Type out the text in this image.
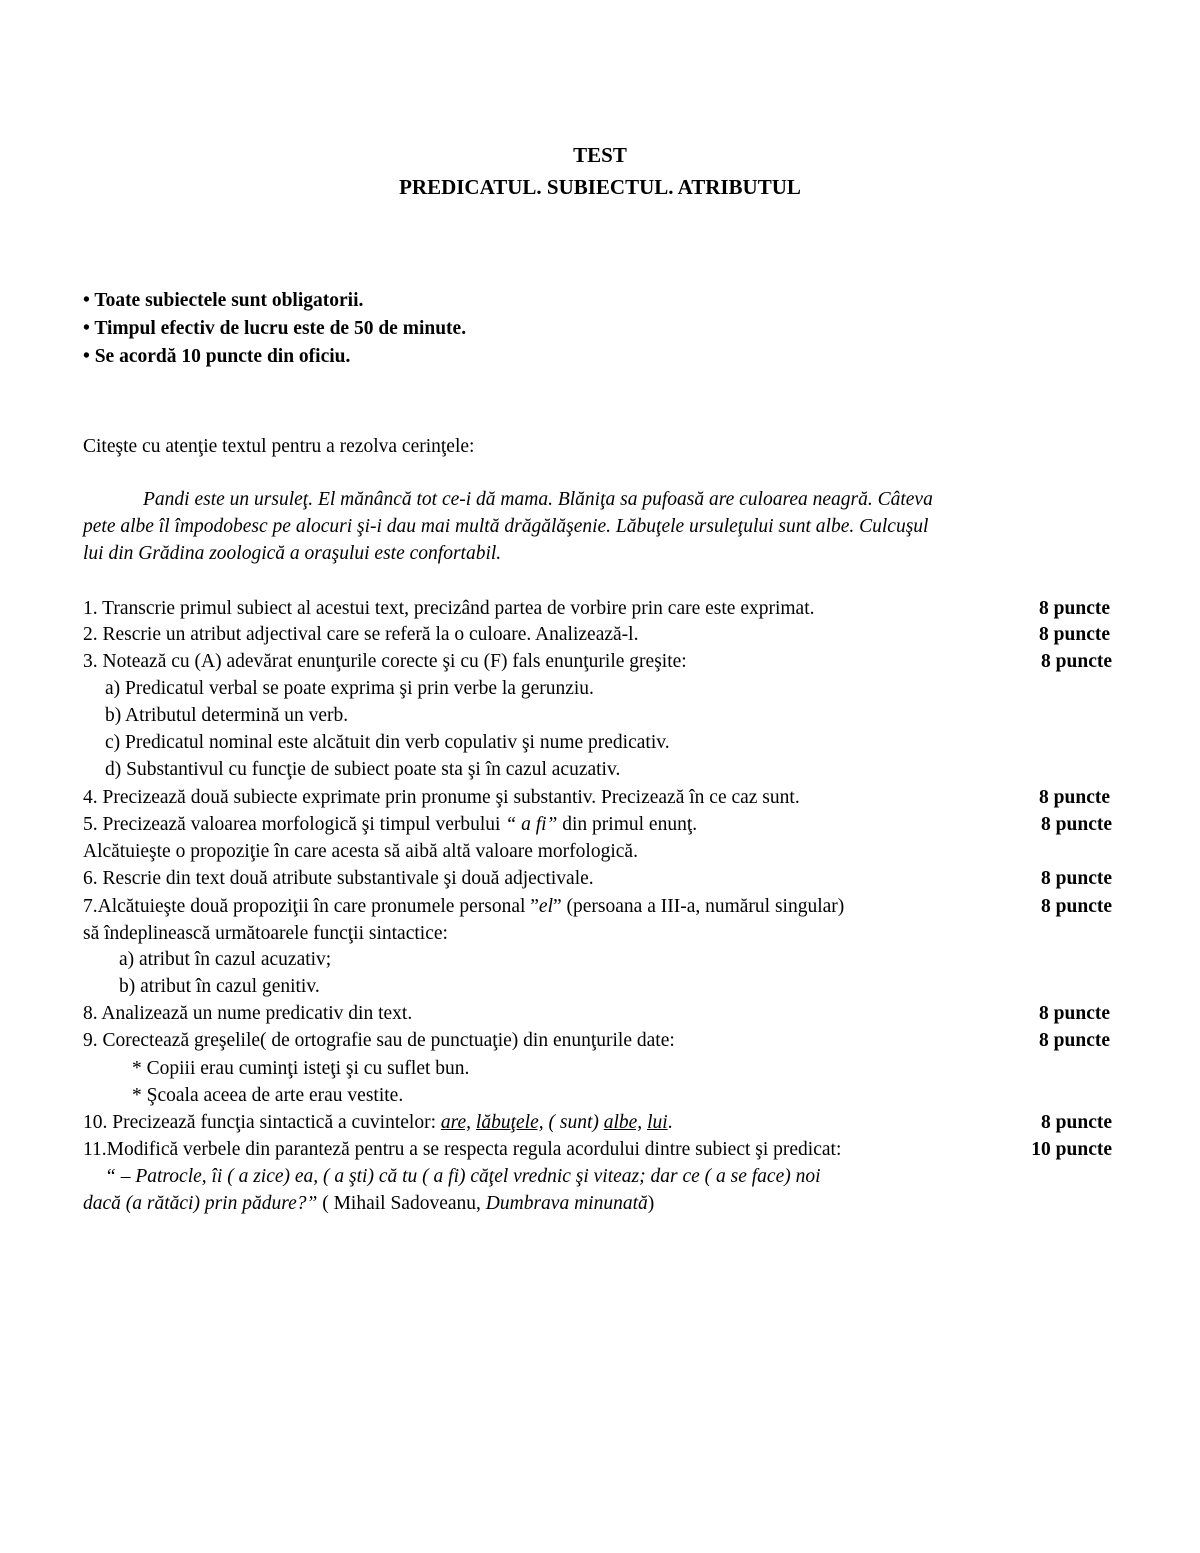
TEST
PREDICATUL. SUBIECTUL. ATRIBUTUL
• Toate subiectele sunt obligatorii.
• Timpul efectiv de lucru este de 50 de minute.
• Se acordă 10 puncte din oficiu.
Citeşte cu atenţie textul pentru a rezolva cerinţele:
Pandi este un ursuleţ. El mănâncă tot ce-i dă mama. Blăniţa sa pufoasă are culoarea neagră. Câteva
pete albe îl împodobesc pe alocuri şi-i dau mai multă drăgălăşenie. Lăbuţele ursuleţului sunt albe. Culcuşul
lui din Grădina zoologică a oraşului este confortabil.
1. Transcrie primul subiect al acestui text, precizând partea de vorbire prin care este exprimat.	8 puncte
2. Rescrie un atribut adjectival care se referă la o culoare. Analizează-l.	8 puncte
3. Notează cu (A) adevărat enunţurile corecte şi cu (F) fals enunţurile greşite:	8 puncte
a) Predicatul verbal se poate exprima şi prin verbe la gerunziu.
b) Atributul determină un verb.
c) Predicatul nominal este alcătuit din verb copulativ şi nume predicativ.
d) Substantivul cu funcţie de subiect poate sta şi în cazul acuzativ.
4. Precizează două subiecte exprimate prin pronume şi substantiv. Precizează în ce caz sunt.	8 puncte
5. Precizează valoarea morfologică şi timpul verbului “ a fi” din primul enunţ.	8 puncte
Alcătuieşte o propoziţie în care acesta să aibă altă valoare morfologică.
6. Rescrie din text două atribute substantivale şi două adjectivale.	8 puncte
7.Alcătuieşte două propoziţii în care pronumele personal ”el” (persoana a III-a, numărul singular)	8 puncte
să îndeplinească următoarele funcţii sintactice:
a) atribut în cazul acuzativ;
b) atribut în cazul genitiv.
8. Analizează un nume predicativ din text.	8 puncte
9. Corectează greşelile( de ortografie sau de punctuaţie) din enunţurile date:	8 puncte
* Copiii erau cuminţi isteţi şi cu suflet bun.
* Şcoala aceea de arte erau vestite.
10. Precizează funcţia sintactică a cuvintelor: are, lăbuţele, ( sunt) albe, lui.	8 puncte
11.Modifică verbele din paranteză pentru a se respecta regula acordului dintre subiect şi predicat:	10 puncte
“ – Patrocle, îi ( a zice) ea, ( a şti) că tu ( a fi) căţel vrednic şi viteaz; dar ce ( a se face) noi
dacă (a rătăci) prin pădure?” ( Mihail Sadoveanu, Dumbrava minunată)
